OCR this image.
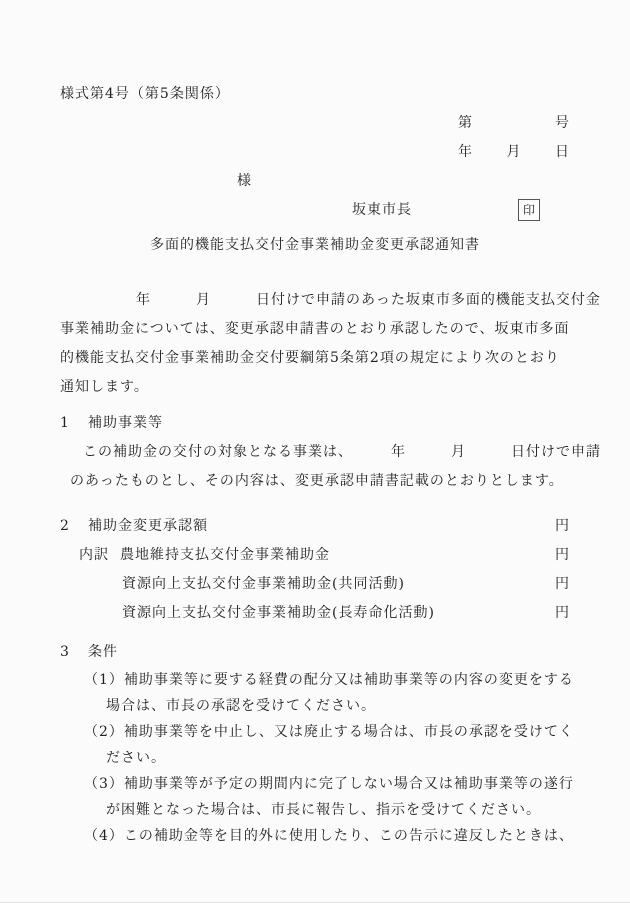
様式第4号（第5条関係）
第	号
年 月 日
様
坂東市長	印
多面的機能支払交付金事業補助金変更承認通知書
年　　　月　　　日付けで申請のあった坂東市多面的機能支払交付金
事業補助金については、変更承認申請書のとおり承認したので、坂東市多面
的機能支払交付金事業補助金交付要綱第5条第2項の規定により次のとおり
通知します。
1 補助事業等
この補助金の交付の対象となる事業は、　　　年　　　月　　　日付けで申請
のあったものとし、その内容は、変更承認申請書記載のとおりとします。
2 補助金変更承認額	円
内訳 農地維持支払交付金事業補助金	円
資源向上支払交付金事業補助金(共同活動)	円
資源向上支払交付金事業補助金(長寿命化活動)	円
3 条件
（1）補助事業等に要する経費の配分又は補助事業等の内容の変更をする
場合は、市長の承認を受けてください。
（2）補助事業等を中止し、又は廃止する場合は、市長の承認を受けてく
ださい。
（3）補助事業等が予定の期間内に完了しない場合又は補助事業等の遂行
が困難となった場合は、市長に報告し、指示を受けてください。
（4）この補助金等を目的外に使用したり、この告示に違反したときは、
